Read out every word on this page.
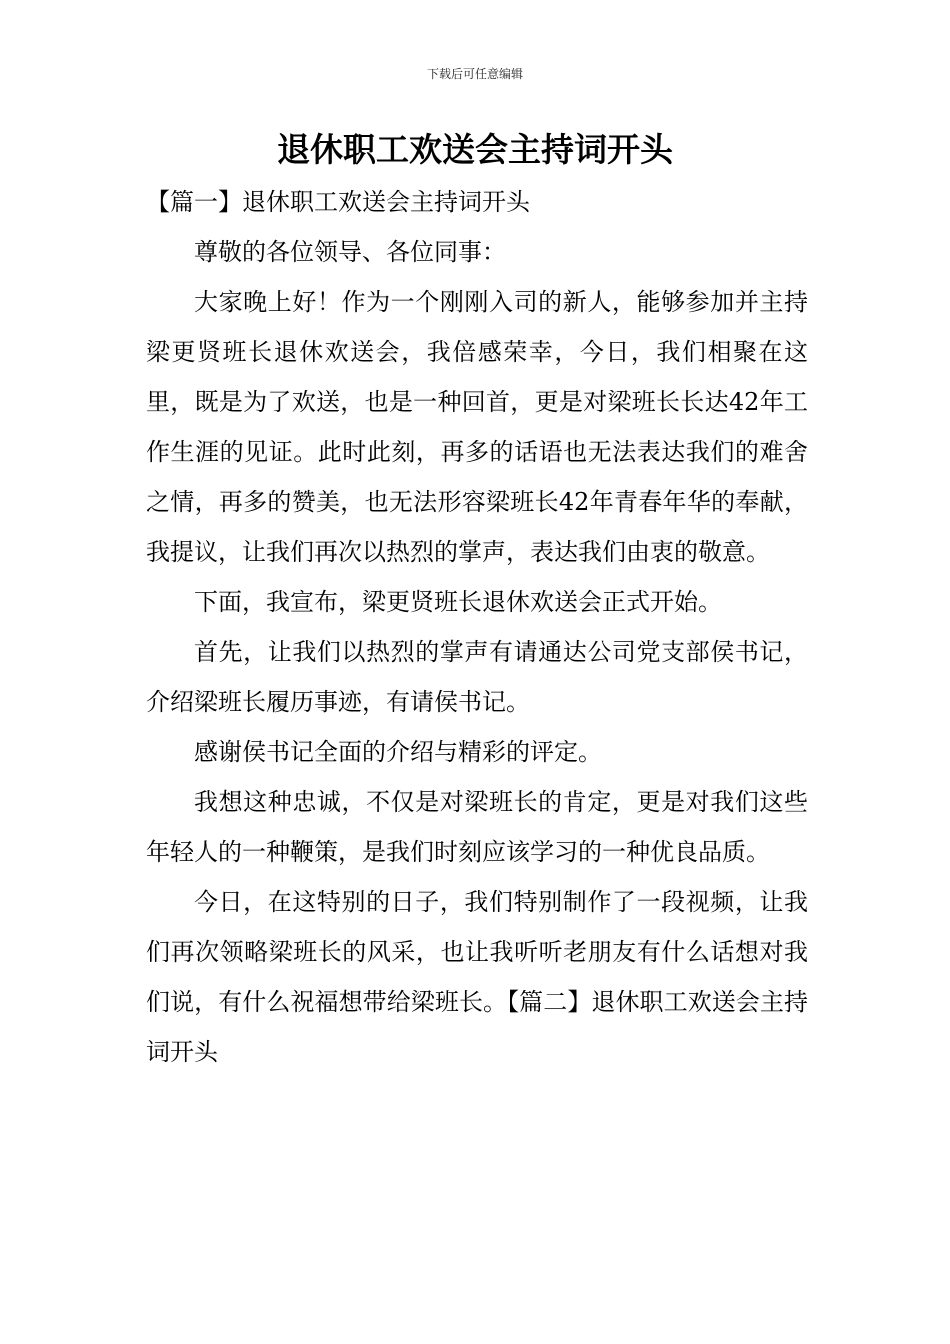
下载后可任意编辑
退休职工欢送会主持词开头

【篇一】退休职工欢送会主持词开头

尊敬的各位领导、各位同事：

大家晚上好！作为一个刚刚入司的新人，能够参加并主持梁更贤班长退休欢送会，我倍感荣幸，今日，我们相聚在这里，既是为了欢送，也是一种回首，更是对梁班长长达42年工作生涯的见证。此时此刻，再多的话语也无法表达我们的难舍之情，再多的赞美，也无法形容梁班长42年青春年华的奉献，我提议，让我们再次以热烈的掌声，表达我们由衷的敬意。

下面，我宣布，梁更贤班长退休欢送会正式开始。

首先，让我们以热烈的掌声有请通达公司党支部侯书记，介绍梁班长履历事迹，有请侯书记。

感谢侯书记全面的介绍与精彩的评定。

我想这种忠诚，不仅是对梁班长的肯定，更是对我们这些年轻人的一种鞭策，是我们时刻应该学习的一种优良品质。

今日，在这特别的日子，我们特别制作了一段视频，让我们再次领略梁班长的风采，也让我听听老朋友有什么话想对我们说，有什么祝福想带给梁班长。【篇二】退休职工欢送会主持词开头
